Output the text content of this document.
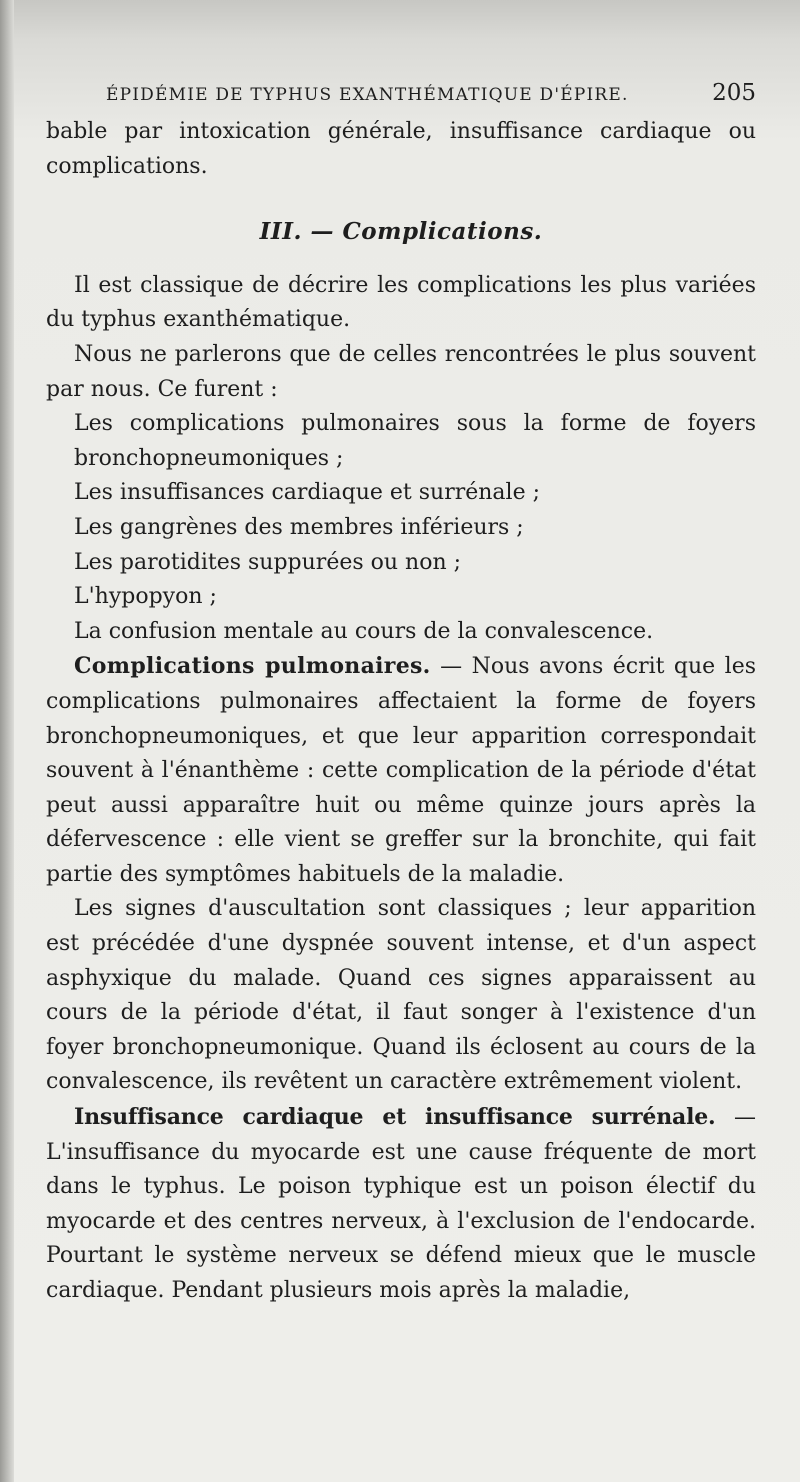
ÉPIDÉMIE DE TYPHUS EXANTHÉMATIQUE D'ÉPIRE.	205

bable par intoxication générale, insuffisance cardiaque ou complications.

III. — Complications.

Il est classique de décrire les complications les plus variées du typhus exanthématique.

Nous ne parlerons que de celles rencontrées le plus souvent par nous. Ce furent :

Les complications pulmonaires sous la forme de foyers bronchopneumoniques ;

Les insuffisances cardiaque et surrénale ;

Les gangrènes des membres inférieurs ;

Les parotidites suppurées ou non ;

L'hypopyon ;

La confusion mentale au cours de la convalescence.

Complications pulmonaires. — Nous avons écrit que les complications pulmonaires affectaient la forme de foyers bronchopneumoniques, et que leur apparition correspondait souvent à l'énanthème : cette complication de la période d'état peut aussi apparaître huit ou même quinze jours après la défervescence : elle vient se greffer sur la bronchite, qui fait partie des symptômes habituels de la maladie.

Les signes d'auscultation sont classiques ; leur apparition est précédée d'une dyspnée souvent intense, et d'un aspect asphyxique du malade. Quand ces signes apparaissent au cours de la période d'état, il faut songer à l'existence d'un foyer bronchopneumonique. Quand ils éclosent au cours de la convalescence, ils revêtent un caractère extrêmement violent.

Insuffisance cardiaque et insuffisance surrénale. — L'insuffisance du myocarde est une cause fréquente de mort dans le typhus. Le poison typhique est un poison électif du myocarde et des centres nerveux, à l'exclusion de l'endocarde. Pourtant le système nerveux se défend mieux que le muscle cardiaque. Pendant plusieurs mois après la maladie,
